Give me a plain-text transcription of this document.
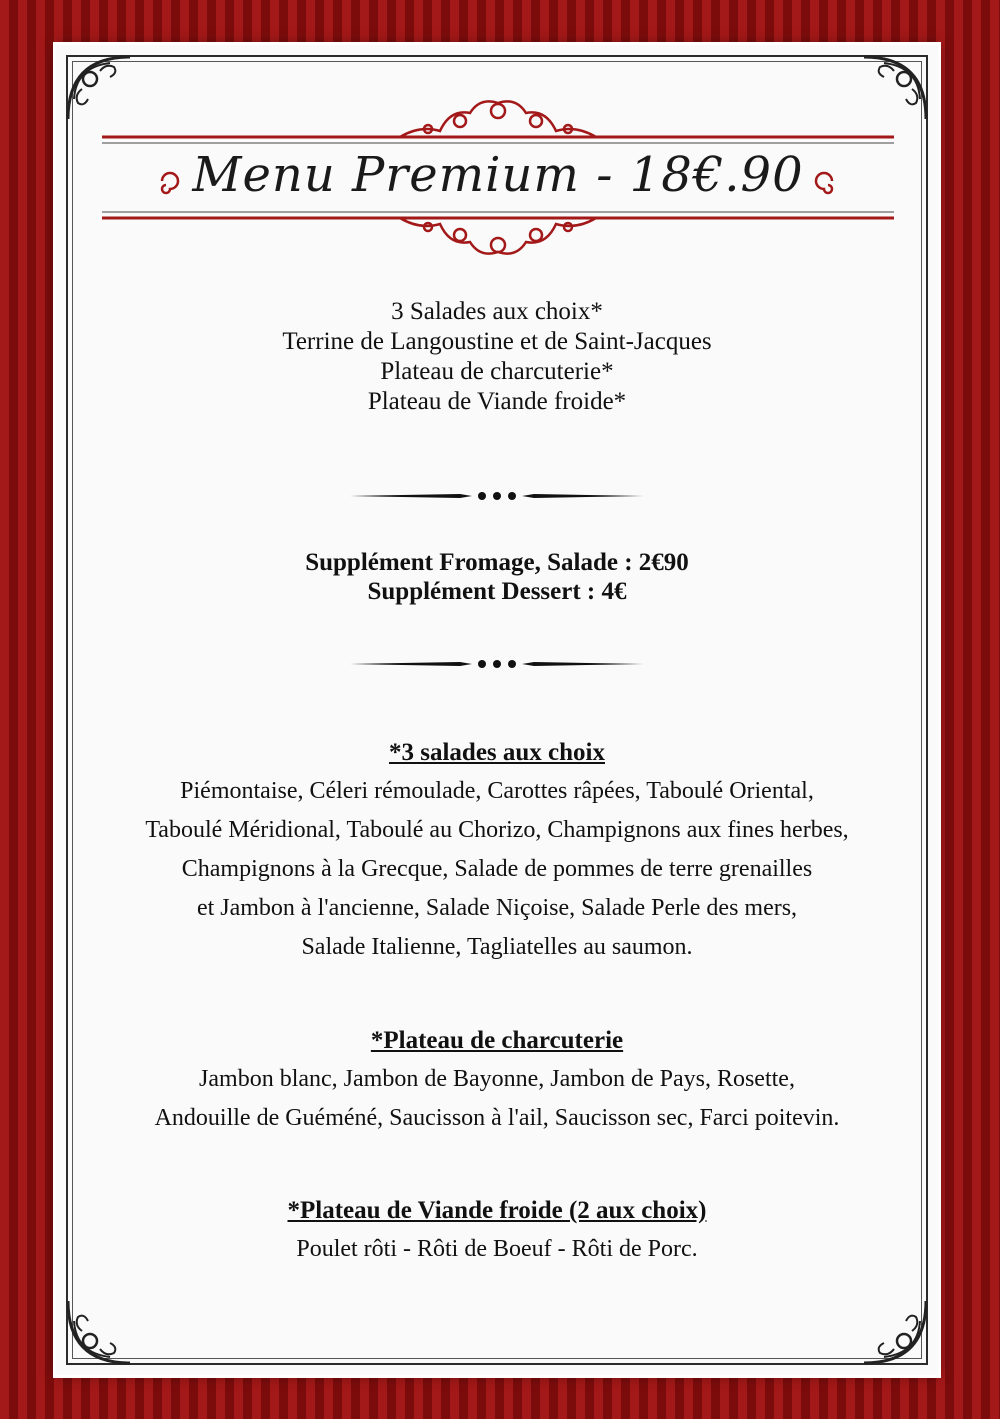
Menu Premium - 18€.90
3 Salades aux choix*
Terrine de Langoustine et de Saint-Jacques
Plateau de charcuterie*
Plateau de Viande froide*
Supplément Fromage, Salade : 2€90
Supplément Dessert : 4€
*3 salades aux choix
Piémontaise, Céleri rémoulade, Carottes râpées, Taboulé Oriental,
Taboulé Méridional, Taboulé au Chorizo, Champignons aux fines herbes,
Champignons à la Grecque, Salade de pommes de terre grenailles
et Jambon à l'ancienne, Salade Niçoise, Salade Perle des mers,
Salade Italienne, Tagliatelles au saumon.
*Plateau de charcuterie
Jambon blanc, Jambon de Bayonne, Jambon de Pays, Rosette,
Andouille de Guéméné, Saucisson à l'ail, Saucisson sec, Farci poitevin.
*Plateau de Viande froide (2 aux choix)
Poulet rôti - Rôti de Boeuf - Rôti de Porc.
